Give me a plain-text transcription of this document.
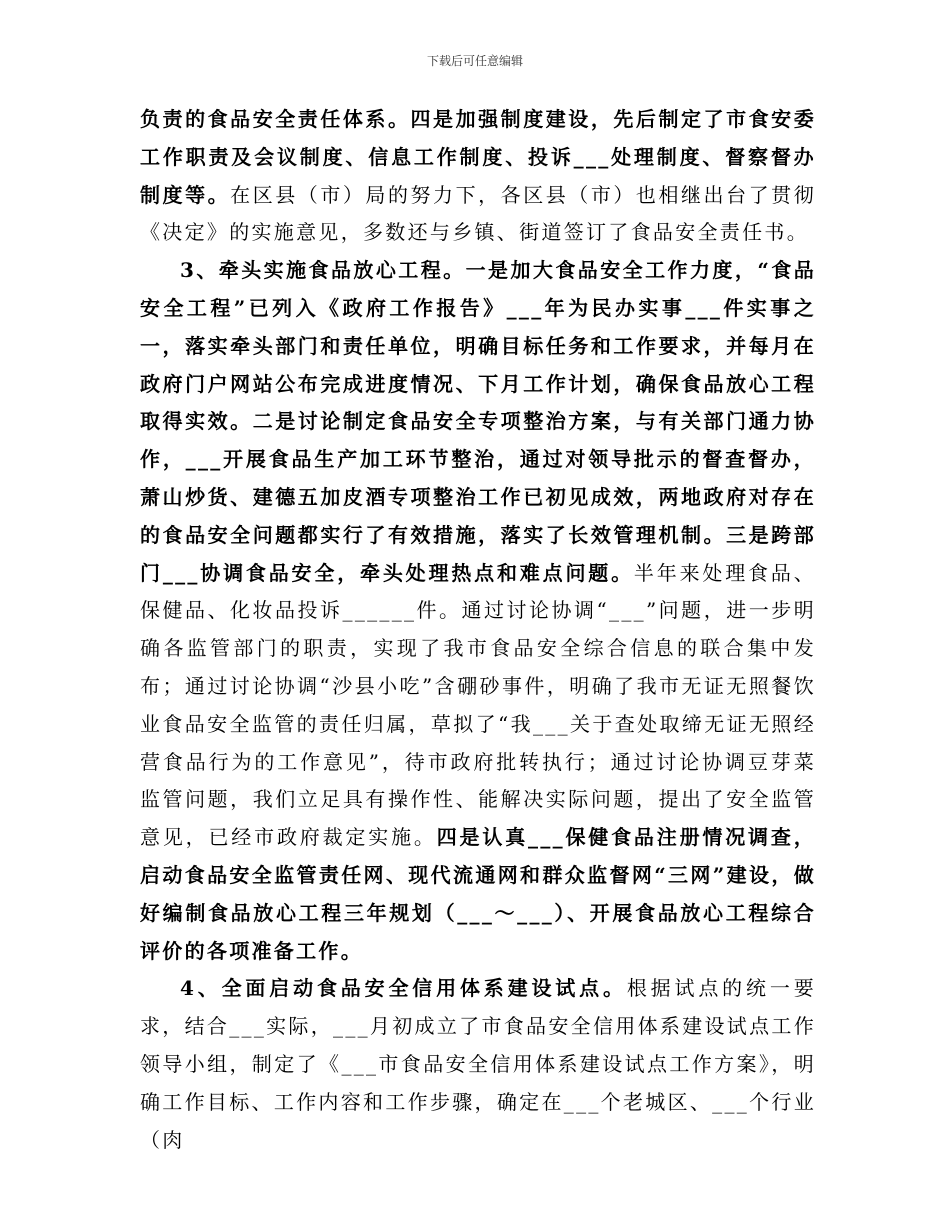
下载后可任意编辑

负责的食品安全责任体系。四是加强制度建设，先后制定了市食安委工作职责及会议制度、信息工作制度、投诉___处理制度、督察督办制度等。在区县（市）局的努力下，各区县（市）也相继出台了贯彻《决定》的实施意见，多数还与乡镇、街道签订了食品安全责任书。

3、牵头实施食品放心工程。一是加大食品安全工作力度，“食品安全工程”已列入《政府工作报告》___年为民办实事___件实事之一，落实牵头部门和责任单位，明确目标任务和工作要求，并每月在政府门户网站公布完成进度情况、下月工作计划，确保食品放心工程取得实效。二是讨论制定食品安全专项整治方案，与有关部门通力协作，___开展食品生产加工环节整治，通过对领导批示的督查督办，萧山炒货、建德五加皮酒专项整治工作已初见成效，两地政府对存在的食品安全问题都实行了有效措施，落实了长效管理机制。三是跨部门___协调食品安全，牵头处理热点和难点问题。半年来处理食品、保健品、化妆品投诉______件。通过讨论协调“___”问题，进一步明确各监管部门的职责，实现了我市食品安全综合信息的联合集中发布；通过讨论协调“沙县小吃”含硼砂事件，明确了我市无证无照餐饮业食品安全监管的责任归属，草拟了“我___关于查处取缔无证无照经营食品行为的工作意见”，待市政府批转执行；通过讨论协调豆芽菜监管问题，我们立足具有操作性、能解决实际问题，提出了安全监管意见，已经市政府裁定实施。四是认真___保健食品注册情况调查，启动食品安全监管责任网、现代流通网和群众监督网“三网”建设，做好编制食品放心工程三年规划（___～___）、开展食品放心工程综合评价的各项准备工作。

4、全面启动食品安全信用体系建设试点。根据试点的统一要求，结合___实际，___月初成立了市食品安全信用体系建设试点工作领导小组，制定了《___市食品安全信用体系建设试点工作方案》，明确工作目标、工作内容和工作步骤，确定在___个老城区、___个行业（肉
